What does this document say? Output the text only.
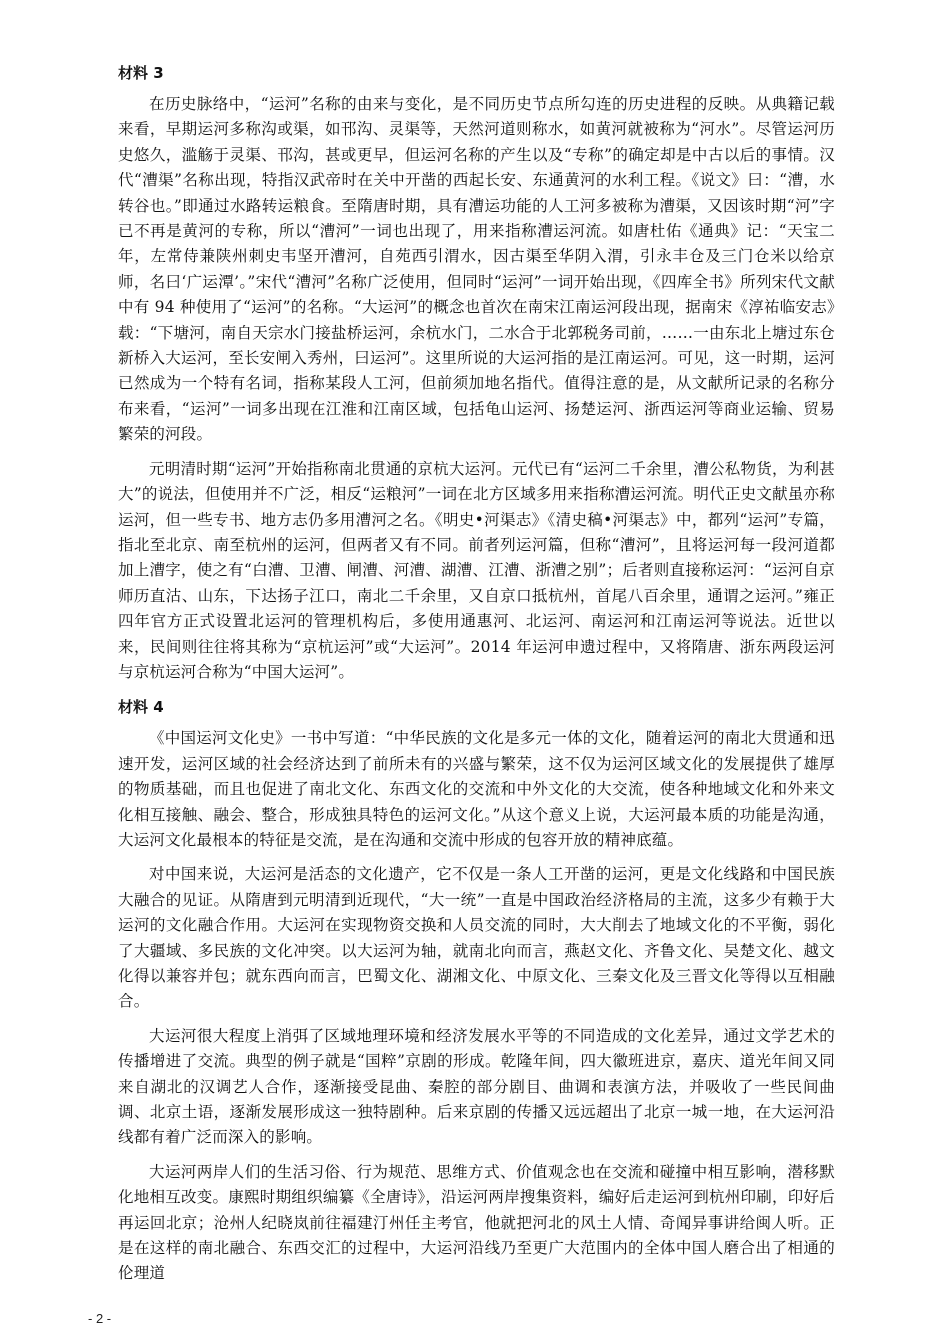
材料 3

在历史脉络中，“运河”名称的由来与变化，是不同历史节点所勾连的历史进程的反映。从典籍记载来看，早期运河多称沟或渠，如邗沟、灵渠等，天然河道则称水，如黄河就被称为“河水”。尽管运河历史悠久，滥觞于灵渠、邗沟，甚或更早，但运河名称的产生以及“专称”的确定却是中古以后的事情。汉代“漕渠”名称出现，特指汉武帝时在关中开凿的西起长安、东通黄河的水利工程。《说文》曰：“漕，水转谷也。”即通过水路转运粮食。至隋唐时期，具有漕运功能的人工河多被称为漕渠，又因该时期“河”字已不再是黄河的专称，所以“漕河”一词也出现了，用来指称漕运河流。如唐杜佑《通典》记：“天宝二年，左常侍兼陕州刺史韦坚开漕河，自苑西引渭水，因古渠至华阴入渭，引永丰仓及三门仓米以给京师，名曰‘广运潭’。”宋代“漕河”名称广泛使用，但同时“运河”一词开始出现，《四库全书》所列宋代文献中有 94 种使用了“运河”的名称。“大运河”的概念也首次在南宋江南运河段出现，据南宋《淳祐临安志》载：“下塘河，南自天宗水门接盐桥运河，余杭水门，二水合于北郭税务司前，……一由东北上塘过东仓新桥入大运河，至长安闸入秀州，曰运河”。这里所说的大运河指的是江南运河。可见，这一时期，运河已然成为一个特有名词，指称某段人工河，但前须加地名指代。值得注意的是，从文献所记录的名称分布来看，“运河”一词多出现在江淮和江南区域，包括龟山运河、扬楚运河、浙西运河等商业运输、贸易繁荣的河段。

元明清时期“运河”开始指称南北贯通的京杭大运河。元代已有“运河二千余里，漕公私物货，为利甚大”的说法，但使用并不广泛，相反“运粮河”一词在北方区域多用来指称漕运河流。明代正史文献虽亦称运河，但一些专书、地方志仍多用漕河之名。《明史•河渠志》《清史稿•河渠志》中，都列“运河”专篇，指北至北京、南至杭州的运河，但两者又有不同。前者列运河篇，但称“漕河”，且将运河每一段河道都加上漕字，使之有“白漕、卫漕、闸漕、河漕、湖漕、江漕、浙漕之别”；后者则直接称运河：“运河自京师历直沽、山东，下达扬子江口，南北二千余里，又自京口抵杭州，首尾八百余里，通谓之运河。”雍正四年官方正式设置北运河的管理机构后，多使用通惠河、北运河、南运河和江南运河等说法。近世以来，民间则往往将其称为“京杭运河”或“大运河”。2014 年运河申遗过程中，又将隋唐、浙东两段运河与京杭运河合称为“中国大运河”。

材料 4

《中国运河文化史》一书中写道：“中华民族的文化是多元一体的文化，随着运河的南北大贯通和迅速开发，运河区域的社会经济达到了前所未有的兴盛与繁荣，这不仅为运河区域文化的发展提供了雄厚的物质基础，而且也促进了南北文化、东西文化的交流和中外文化的大交流，使各种地域文化和外来文化相互接触、融会、整合，形成独具特色的运河文化。”从这个意义上说，大运河最本质的功能是沟通，大运河文化最根本的特征是交流，是在沟通和交流中形成的包容开放的精神底蕴。

对中国来说，大运河是活态的文化遗产，它不仅是一条人工开凿的运河，更是文化线路和中国民族大融合的见证。从隋唐到元明清到近现代，“大一统”一直是中国政治经济格局的主流，这多少有赖于大运河的文化融合作用。大运河在实现物资交换和人员交流的同时，大大削去了地域文化的不平衡，弱化了大疆域、多民族的文化冲突。以大运河为轴，就南北向而言，燕赵文化、齐鲁文化、吴楚文化、越文化得以兼容并包；就东西向而言，巴蜀文化、湖湘文化、中原文化、三秦文化及三晋文化等得以互相融合。

大运河很大程度上消弭了区域地理环境和经济发展水平等的不同造成的文化差异，通过文学艺术的传播增进了交流。典型的例子就是“国粹”京剧的形成。乾隆年间，四大徽班进京，嘉庆、道光年间又同来自湖北的汉调艺人合作，逐渐接受昆曲、秦腔的部分剧目、曲调和表演方法，并吸收了一些民间曲调、北京土语，逐渐发展形成这一独特剧种。后来京剧的传播又远远超出了北京一城一地，在大运河沿线都有着广泛而深入的影响。

大运河两岸人们的生活习俗、行为规范、思维方式、价值观念也在交流和碰撞中相互影响，潜移默化地相互改变。康熙时期组织编纂《全唐诗》，沿运河两岸搜集资料，编好后走运河到杭州印刷，印好后再运回北京；沧州人纪晓岚前往福建汀州任主考官，他就把河北的风土人情、奇闻异事讲给闽人听。正是在这样的南北融合、东西交汇的过程中，大运河沿线乃至更广大范围内的全体中国人磨合出了相通的伦理道

- 2 -
